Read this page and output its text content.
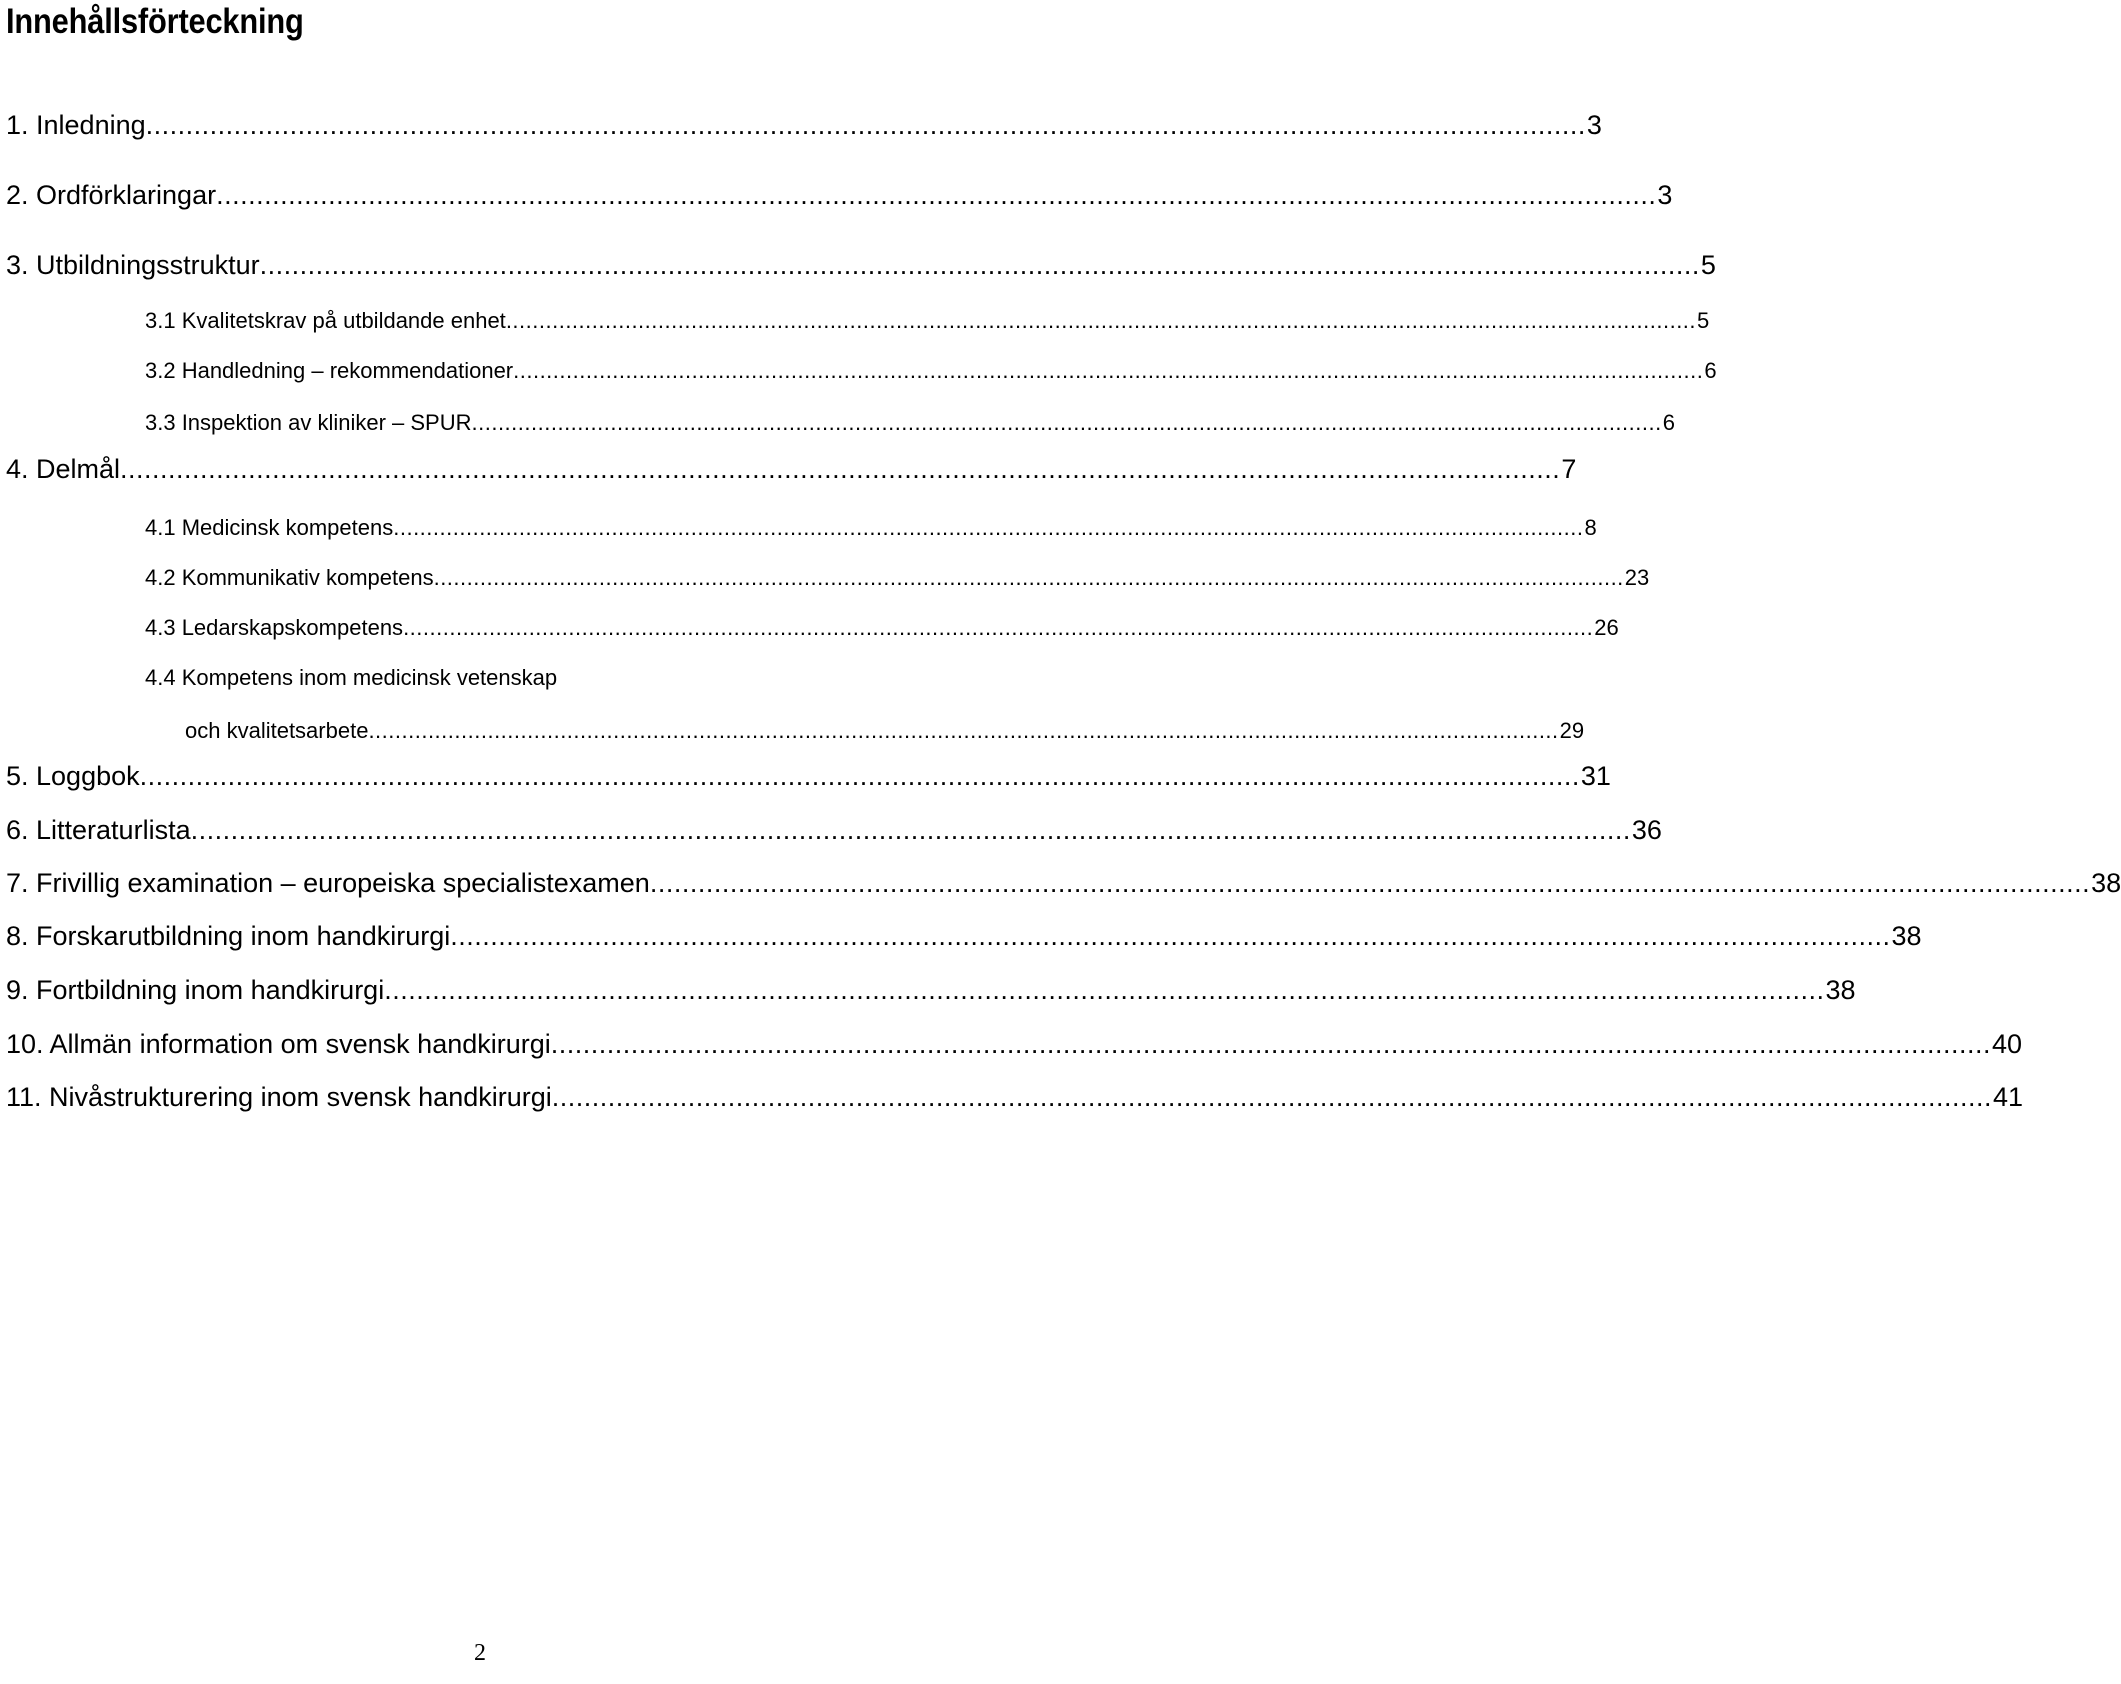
Innehållsförteckning
1. Inledning .................................................................................................................................................................................... 3
2. Ordförklaringar .................................................................................................................................................................................... 3
3. Utbildningsstruktur .................................................................................................................................................................................... 5
3.1 Kvalitetskrav på utbildande enhet .................................................................................................................................................................................... 5
3.2 Handledning – rekommendationer .................................................................................................................................................................................... 6
3.3 Inspektion av kliniker – SPUR .................................................................................................................................................................................... 6
4. Delmål .................................................................................................................................................................................... 7
4.1 Medicinsk kompetens .................................................................................................................................................................................... 8
4.2 Kommunikativ kompetens .................................................................................................................................................................................... 23
4.3 Ledarskapskompetens .................................................................................................................................................................................... 26
4.4 Kompetens inom medicinsk vetenskap
och kvalitetsarbete .................................................................................................................................................................................... 29
5. Loggbok .................................................................................................................................................................................... 31
6. Litteraturlista .................................................................................................................................................................................... 36
7. Frivillig examination – europeiska specialistexamen .................................................................................................................................................................................... 38
8. Forskarutbildning inom handkirurgi .................................................................................................................................................................................... 38
9. Fortbildning inom handkirurgi .................................................................................................................................................................................... 38
10. Allmän information om svensk handkirurgi .................................................................................................................................................................................... 40
11. Nivåstrukturering inom svensk handkirurgi .................................................................................................................................................................................... 41
2
